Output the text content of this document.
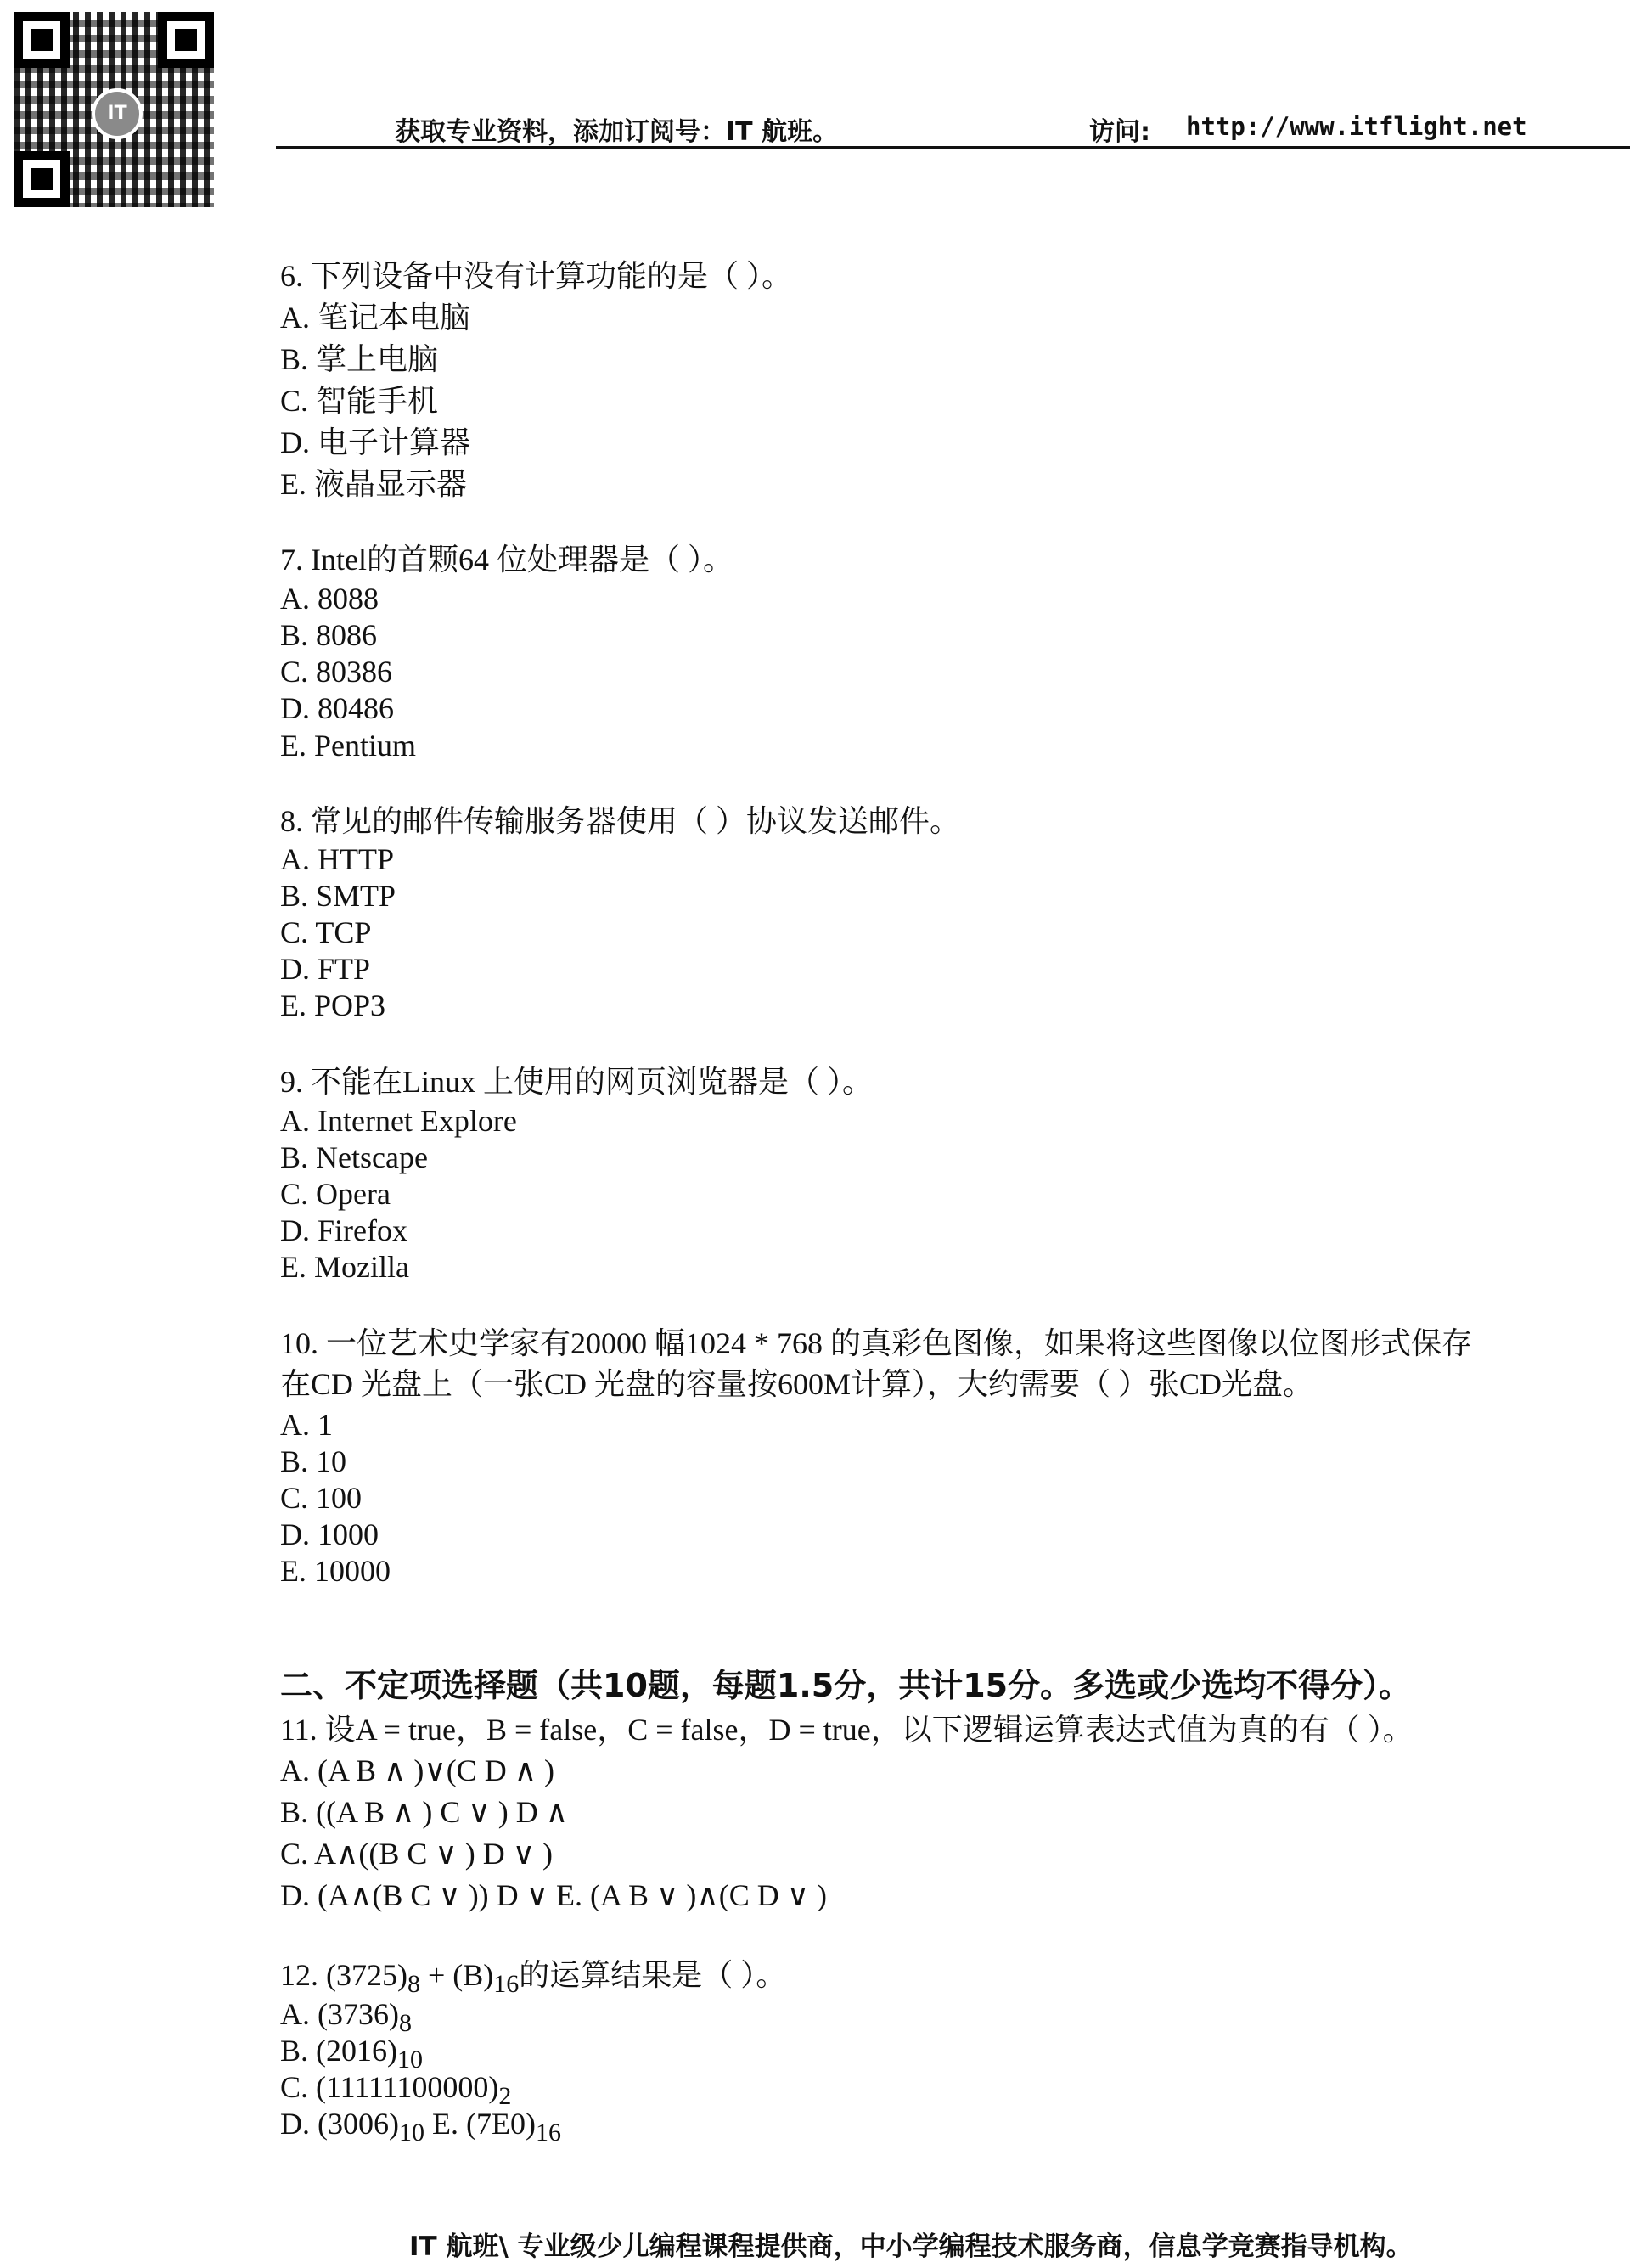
IT
获取专业资料，添加订阅号：IT 航班。	访问: http://www.itflight.net
6. 下列设备中没有计算功能的是（ ）。
A. 笔记本电脑
B. 掌上电脑
C. 智能手机
D. 电子计算器
E. 液晶显示器
7. Intel的首颗64 位处理器是（ ）。
A. 8088
B. 8086
C. 80386
D. 80486
E. Pentium
8. 常见的邮件传输服务器使用（ ）协议发送邮件。
A. HTTP
B. SMTP
C. TCP
D. FTP
E. POP3
9. 不能在Linux 上使用的网页浏览器是（ ）。
A. Internet Explore
B. Netscape
C. Opera
D. Firefox
E. Mozilla
10. 一位艺术史学家有20000 幅1024 * 768 的真彩色图像，如果将这些图像以位图形式保存
在CD 光盘上（一张CD 光盘的容量按600M计算），大约需要（ ）张CD光盘。
A. 1
B. 10
C. 100
D. 1000
E. 10000
二、不定项选择题（共10题，每题1.5分，共计15分。多选或少选均不得分）。
11. 设A = true，B = false，C = false，D = true，以下逻辑运算表达式值为真的有（ ）。
A. (A B ∧ )∨(C D ∧ )
B. ((A B ∧ ) C ∨ ) D ∧
C. A∧((B C ∨ ) D ∨ )
D. (A∧(B C ∨ )) D ∨ E. (A B ∨ )∧(C D ∨ )
12. $(3725)_8 + (B)_{16}$的运算结果是（ ）。
A. $(3736)_8$
B. $(2016)_{10}$
C. $(11111100000)_2$
D. $(3006)_{10}$ E. $(7E0)_{16}$
IT 航班\ 专业级少儿编程课程提供商，中小学编程技术服务商，信息学竞赛指导机构。
